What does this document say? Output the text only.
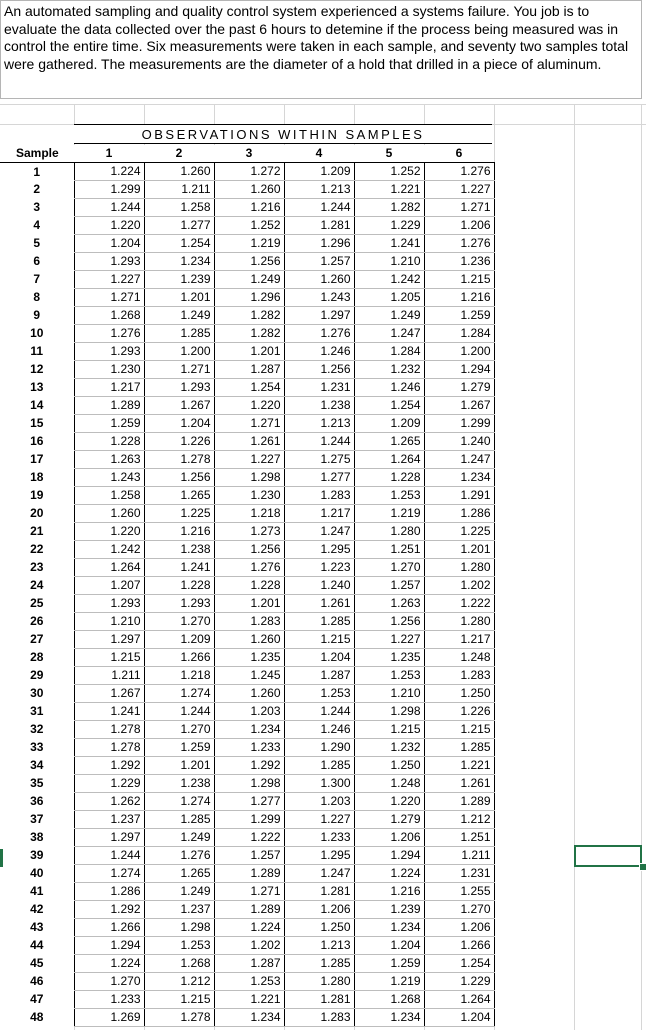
An automated sampling and quality control system experienced a systems failure. You job is to evaluate the data collected over the past 6 hours to detemine if the process being measured was in control the entire time. Six measurements were taken in each sample, and seventy two samples total were gathered. The measurements are the diameter of a hold that drilled in a piece of aluminum.
OBSERVATIONS WITHIN SAMPLES
Sample	1	2	3	4	5	6
1	1.224	1.260	1.272	1.209	1.252	1.276
2	1.299	1.211	1.260	1.213	1.221	1.227
3	1.244	1.258	1.216	1.244	1.282	1.271
4	1.220	1.277	1.252	1.281	1.229	1.206
5	1.204	1.254	1.219	1.296	1.241	1.276
6	1.293	1.234	1.256	1.257	1.210	1.236
7	1.227	1.239	1.249	1.260	1.242	1.215
8	1.271	1.201	1.296	1.243	1.205	1.216
9	1.268	1.249	1.282	1.297	1.249	1.259
10	1.276	1.285	1.282	1.276	1.247	1.284
11	1.293	1.200	1.201	1.246	1.284	1.200
12	1.230	1.271	1.287	1.256	1.232	1.294
13	1.217	1.293	1.254	1.231	1.246	1.279
14	1.289	1.267	1.220	1.238	1.254	1.267
15	1.259	1.204	1.271	1.213	1.209	1.299
16	1.228	1.226	1.261	1.244	1.265	1.240
17	1.263	1.278	1.227	1.275	1.264	1.247
18	1.243	1.256	1.298	1.277	1.228	1.234
19	1.258	1.265	1.230	1.283	1.253	1.291
20	1.260	1.225	1.218	1.217	1.219	1.286
21	1.220	1.216	1.273	1.247	1.280	1.225
22	1.242	1.238	1.256	1.295	1.251	1.201
23	1.264	1.241	1.276	1.223	1.270	1.280
24	1.207	1.228	1.228	1.240	1.257	1.202
25	1.293	1.293	1.201	1.261	1.263	1.222
26	1.210	1.270	1.283	1.285	1.256	1.280
27	1.297	1.209	1.260	1.215	1.227	1.217
28	1.215	1.266	1.235	1.204	1.235	1.248
29	1.211	1.218	1.245	1.287	1.253	1.283
30	1.267	1.274	1.260	1.253	1.210	1.250
31	1.241	1.244	1.203	1.244	1.298	1.226
32	1.278	1.270	1.234	1.246	1.215	1.215
33	1.278	1.259	1.233	1.290	1.232	1.285
34	1.292	1.201	1.292	1.285	1.250	1.221
35	1.229	1.238	1.298	1.300	1.248	1.261
36	1.262	1.274	1.277	1.203	1.220	1.289
37	1.237	1.285	1.299	1.227	1.279	1.212
38	1.297	1.249	1.222	1.233	1.206	1.251
39	1.244	1.276	1.257	1.295	1.294	1.211
40	1.274	1.265	1.289	1.247	1.224	1.231
41	1.286	1.249	1.271	1.281	1.216	1.255
42	1.292	1.237	1.289	1.206	1.239	1.270
43	1.266	1.298	1.224	1.250	1.234	1.206
44	1.294	1.253	1.202	1.213	1.204	1.266
45	1.224	1.268	1.287	1.285	1.259	1.254
46	1.270	1.212	1.253	1.280	1.219	1.229
47	1.233	1.215	1.221	1.281	1.268	1.264
48	1.269	1.278	1.234	1.283	1.234	1.204
